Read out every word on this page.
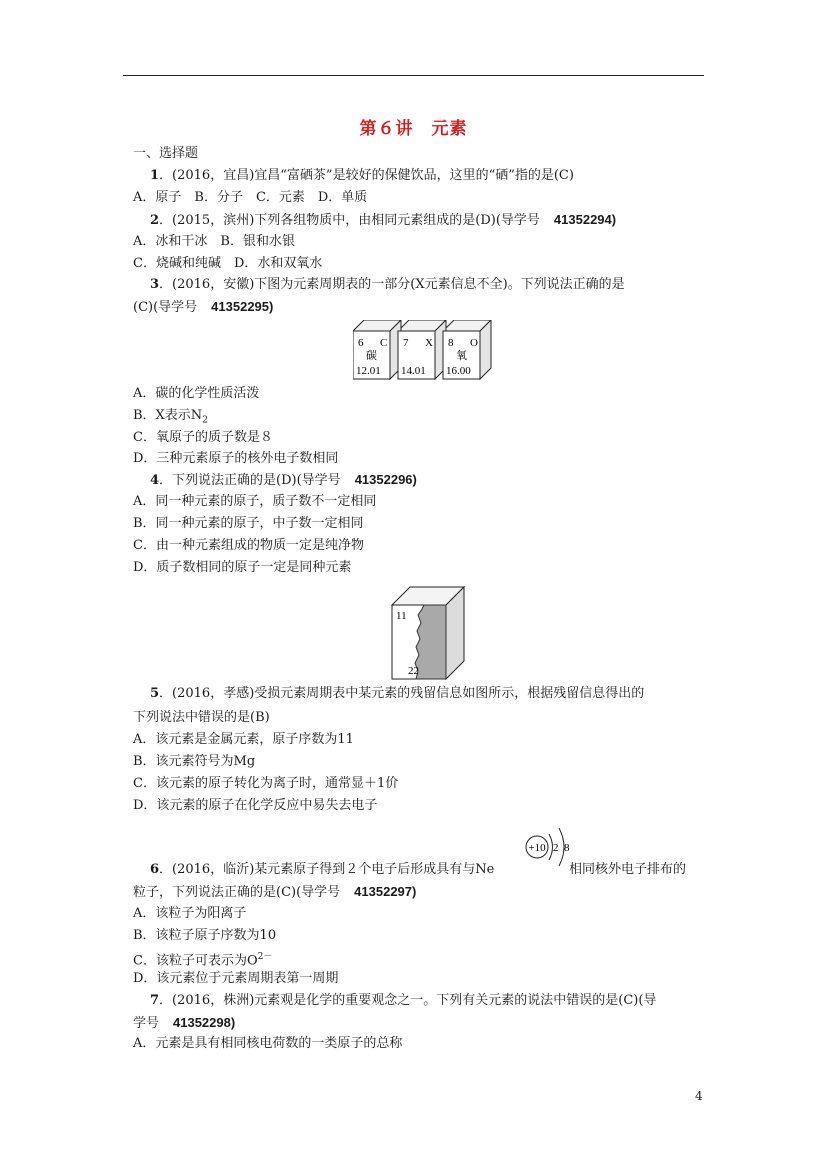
第６讲　元素
一、选择题
1．(2016，宜昌)宜昌“富硒茶”是较好的保健饮品，这里的“硒”指的是(C)
A．原子　B．分子　C．元素　D．单质
2．(2015，滨州)下列各组物质中，由相同元素组成的是(D)(导学号 41352294)
A．冰和干冰　B．银和水银
C．烧碱和纯碱　D．水和双氧水
3．(2016，安徽)下图为元素周期表的一部分(X元素信息不全)。下列说法正确的是
(C)(导学号 41352295)
6 C
碳
12.01
7 X
14.01
8 O
氧
16.00
A．碳的化学性质活泼
B．X表示$N_2$
C．氧原子的质子数是８
D．三种元素原子的核外电子数相同
4．下列说法正确的是(D)(导学号 41352296)
A．同一种元素的原子，质子数不一定相同
B．同一种元素的原子，中子数一定相同
C．由一种元素组成的物质一定是纯净物
D．质子数相同的原子一定是同种元素
11
22
5．(2016，孝感)受损元素周期表中某元素的残留信息如图所示，根据残留信息得出的
下列说法中错误的是(B)
A．该元素是金属元素，原子序数为11
B．该元素符号为Mg
C．该元素的原子转化为离子时，通常显＋1价
D．该元素的原子在化学反应中易失去电子
+10 2 8
6．(2016，临沂)某元素原子得到２个电子后形成具有与Ne	相同核外电子排布的
粒子，下列说法正确的是(C)(导学号 41352297)
A．该粒子为阳离子
B．该粒子原子序数为10
C．该粒子可表示为$O^{2-}$
D．该元素位于元素周期表第一周期
7．(2016，株洲)元素观是化学的重要观念之一。下列有关元素的说法中错误的是(C)(导
学号 41352298)
A．元素是具有相同核电荷数的一类原子的总称
4
